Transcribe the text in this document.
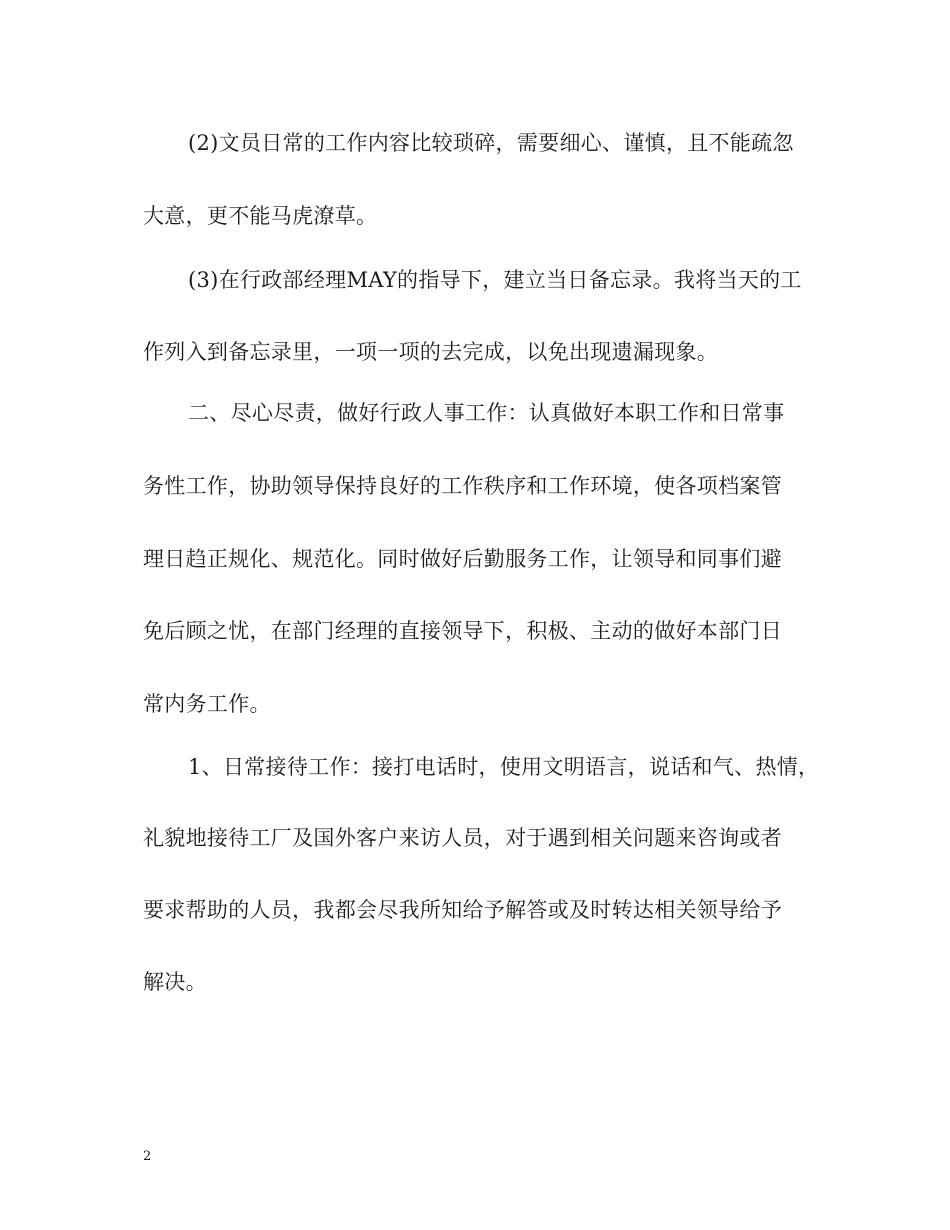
(2)文员日常的工作内容比较琐碎，需要细心、谨慎，且不能疏忽
大意，更不能马虎潦草。
(3)在行政部经理MAY的指导下，建立当日备忘录。我将当天的工
作列入到备忘录里，一项一项的去完成，以免出现遗漏现象。
二、尽心尽责，做好行政人事工作：认真做好本职工作和日常事
务性工作，协助领导保持良好的工作秩序和工作环境，使各项档案管
理日趋正规化、规范化。同时做好后勤服务工作，让领导和同事们避
免后顾之忧，在部门经理的直接领导下，积极、主动的做好本部门日
常内务工作。
1、日常接待工作：接打电话时，使用文明语言，说话和气、热情，
礼貌地接待工厂及国外客户来访人员，对于遇到相关问题来咨询或者
要求帮助的人员，我都会尽我所知给予解答或及时转达相关领导给予
解决。
2
